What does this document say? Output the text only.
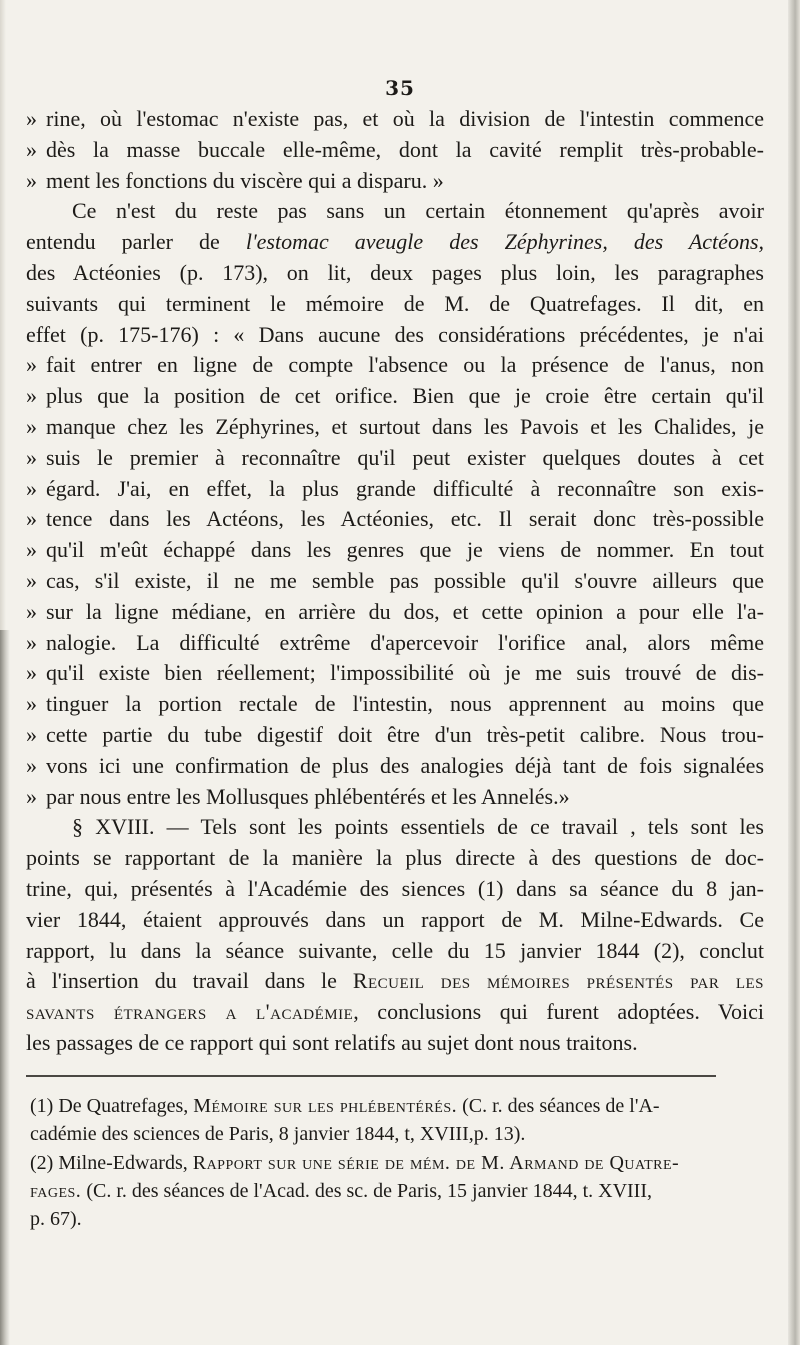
35
» rine, où l'estomac n'existe pas, et où la division de l'intestin commence
» dès la masse buccale elle-même, dont la cavité remplit très-probable-
» ment les fonctions du viscère qui a disparu. »
Ce n'est du reste pas sans un certain étonnement qu'après avoir
entendu parler de l'estomac aveugle des Zéphyrines, des Actéons,
des Actéonies (p. 173), on lit, deux pages plus loin, les paragraphes
suivants qui terminent le mémoire de M. de Quatrefages. Il dit, en
effet (p. 175-176) : « Dans aucune des considérations précédentes, je n'ai
» fait entrer en ligne de compte l'absence ou la présence de l'anus, non
» plus que la position de cet orifice. Bien que je croie être certain qu'il
» manque chez les Zéphyrines, et surtout dans les Pavois et les Chalides, je
» suis le premier à reconnaître qu'il peut exister quelques doutes à cet
» égard. J'ai, en effet, la plus grande difficulté à reconnaître son exis-
» tence dans les Actéons, les Actéonies, etc. Il serait donc très-possible
» qu'il m'eût échappé dans les genres que je viens de nommer. En tout
» cas, s'il existe, il ne me semble pas possible qu'il s'ouvre ailleurs que
» sur la ligne médiane, en arrière du dos, et cette opinion a pour elle l'a-
» nalogie. La difficulté extrême d'apercevoir l'orifice anal, alors même
» qu'il existe bien réellement; l'impossibilité où je me suis trouvé de dis-
» tinguer la portion rectale de l'intestin, nous apprennent au moins que
» cette partie du tube digestif doit être d'un très-petit calibre. Nous trou-
» vons ici une confirmation de plus des analogies déjà tant de fois signalées
» par nous entre les Mollusques phlébentérés et les Annelés.»
§ XVIII. — Tels sont les points essentiels de ce travail , tels sont les
points se rapportant de la manière la plus directe à des questions de doc-
trine, qui, présentés à l'Académie des siences (1) dans sa séance du 8 jan-
vier 1844, étaient approuvés dans un rapport de M. Milne-Edwards. Ce
rapport, lu dans la séance suivante, celle du 15 janvier 1844 (2), conclut
à l'insertion du travail dans le Recueil des mémoires présentés par les
savants étrangers a l'académie, conclusions qui furent adoptées. Voici
les passages de ce rapport qui sont relatifs au sujet dont nous traitons.
(1) De Quatrefages, Mémoire sur les phlébentérés. (C. r. des séances de l'A-
cadémie des sciences de Paris, 8 janvier 1844, t, XVIII,p. 13).
(2) Milne-Edwards, Rapport sur une série de mém. de M. Armand de Quatre-
fages. (C. r. des séances de l'Acad. des sc. de Paris, 15 janvier 1844, t. XVIII,
p. 67).
